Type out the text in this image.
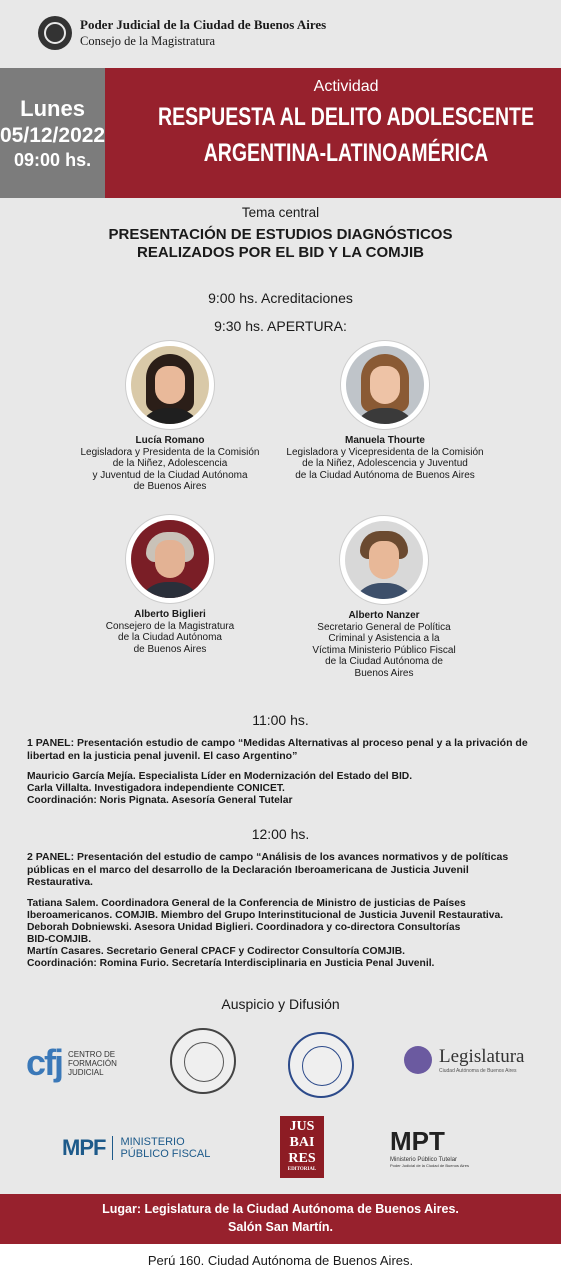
Poder Judicial de la Ciudad de Buenos Aires
Consejo de la Magistratura
Lunes
05/12/2022
09:00 hs.
Actividad
RESPUESTA AL DELITO ADOLESCENTE
ARGENTINA-LATINOAMÉRICA
Tema central
PRESENTACIÓN DE ESTUDIOS DIAGNÓSTICOS
REALIZADOS POR EL BID Y LA COMJIB
9:00 hs. Acreditaciones
9:30 hs. APERTURA:
Lucía Romano
Legisladora y Presidenta de la Comisión
de la Niñez, Adolescencia
y Juventud de la Ciudad Autónoma
de Buenos Aires
Manuela Thourte
Legisladora y Vicepresidenta de la Comisión
de la Niñez, Adolescencia y Juventud
de la Ciudad Autónoma de Buenos Aires
Alberto Biglieri
Consejero de la Magistratura
de la Ciudad Autónoma
de Buenos Aires
Alberto Nanzer
Secretario General de Política
Criminal y Asistencia a la
Víctima Ministerio Público Fiscal
de la Ciudad Autónoma de
Buenos Aires
11:00 hs.
1 PANEL: Presentación estudio de campo “Medidas Alternativas al proceso penal y a la privación de libertad en la justicia penal juvenil. El caso Argentino”
Mauricio García Mejía. Especialista Líder en Modernización del Estado del BID.
Carla Villalta. Investigadora independiente CONICET.
Coordinación: Noris Pignata. Asesoría General Tutelar
12:00 hs.
2 PANEL: Presentación del estudio de campo “Análisis de los avances normativos y de políticas públicas en el marco del desarrollo de la Declaración Iberoamericana de Justicia Juvenil Restaurativa.
Tatiana Salem. Coordinadora General de la Conferencia de Ministro de justicias de Países
Iberoamericanos. COMJIB. Miembro del Grupo Interinstitucional de Justicia Juvenil Restaurativa.
Deborah Dobniewski. Asesora Unidad Biglieri. Coordinadora y co-directora Consultorías
BID-COMJIB.
Martín Casares. Secretario General CPACF y Codirector Consultoría COMJIB.
Coordinación: Romina Furio. Secretaría Interdisciplinaria en Justicia Penal Juvenil.
Auspicio y Difusión
cfj CENTRO DE
FORMACIÓN
JUDICIAL
Legislatura
Ciudad Autónoma de Buenos Aires
MPF MINISTERIO
PÚBLICO FISCAL
JUS
BAI
RES
EDITORIAL
MPT
Ministerio Público Tutelar
Poder Judicial de la Ciudad de Buenos Aires
Lugar: Legislatura de la Ciudad Autónoma de Buenos Aires.
Salón San Martín.
Perú 160. Ciudad Autónoma de Buenos Aires.
